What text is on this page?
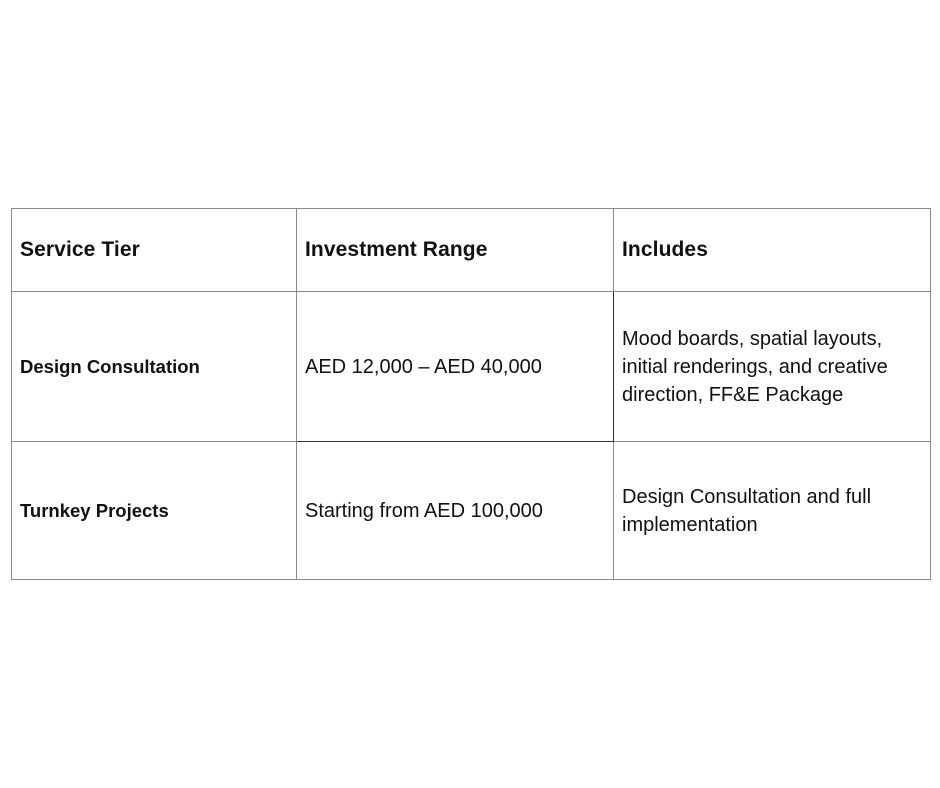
Service Tier	Investment Range	Includes
Design Consultation	AED 12,000 – AED 40,000	Mood boards, spatial layouts, initial renderings, and creative direction, FF&E Package
Turnkey Projects	Starting from AED 100,000	Design Consultation and full implementation
